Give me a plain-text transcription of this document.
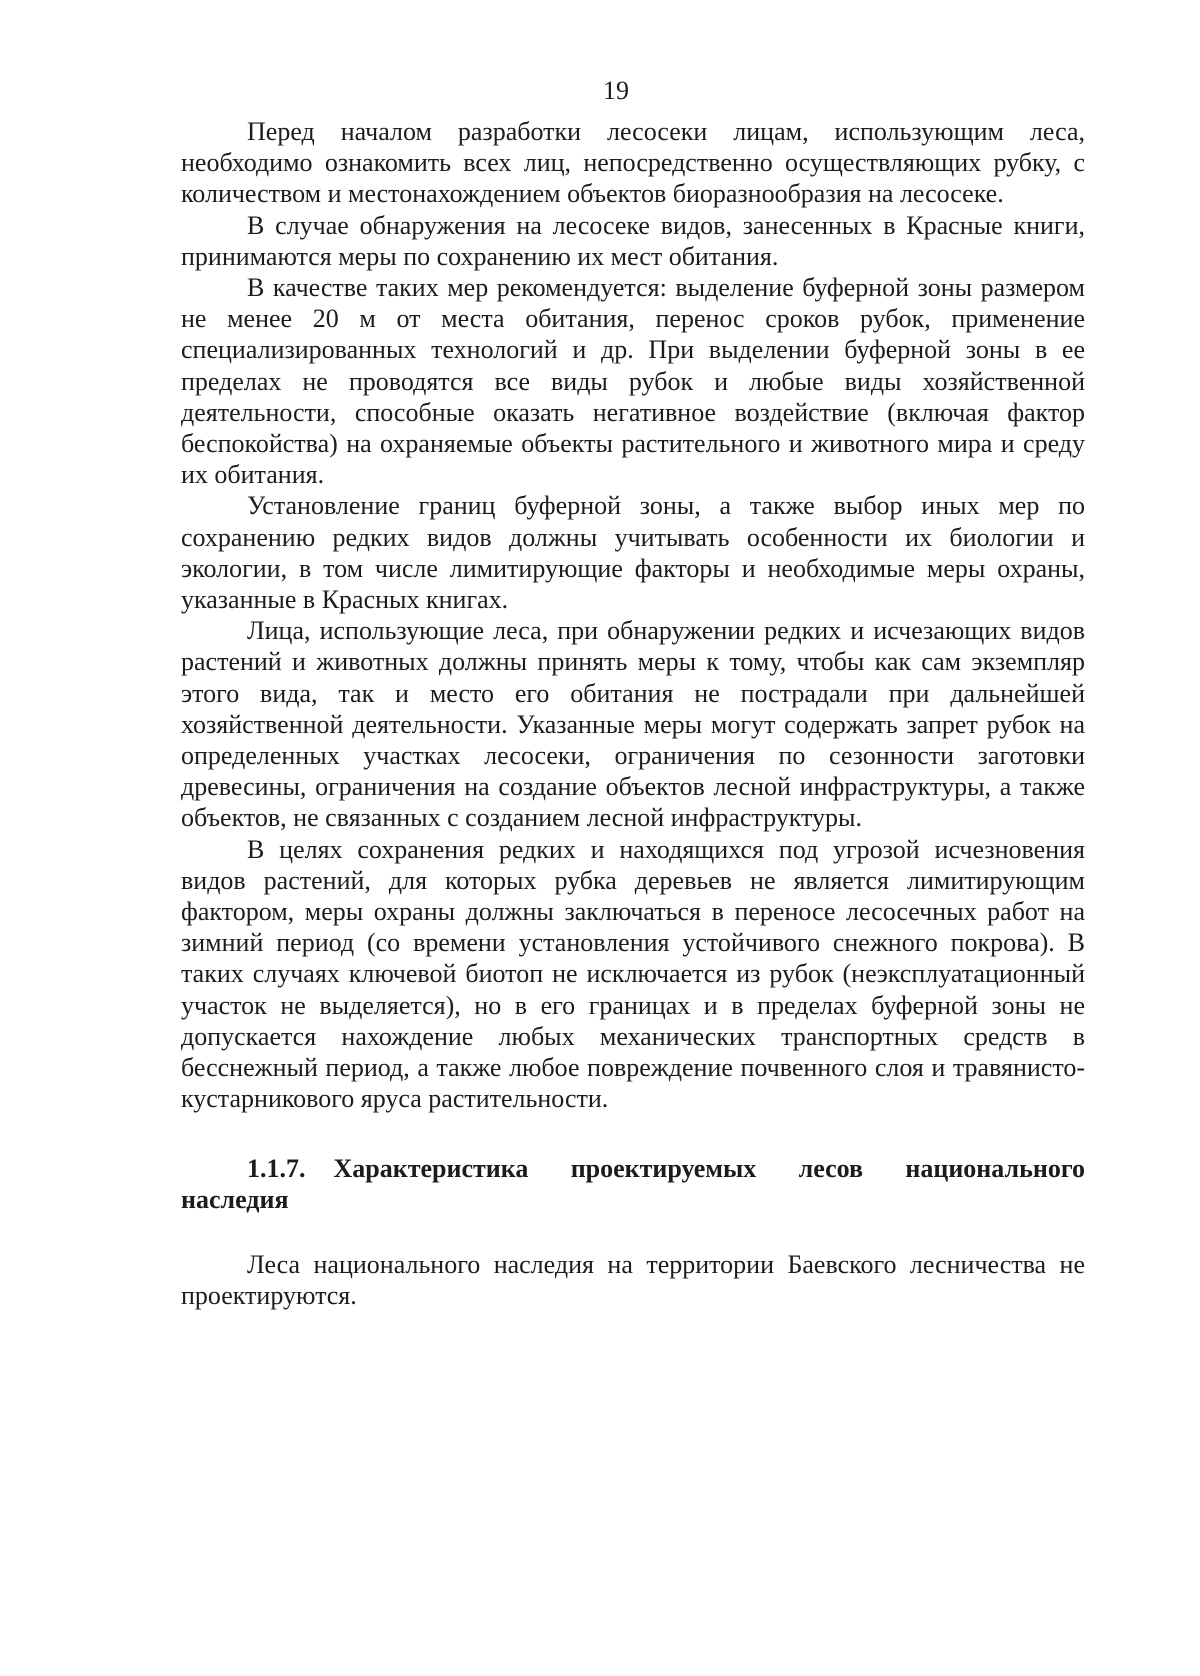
19

Перед началом разработки лесосеки лицам, использующим леса, необходимо ознакомить всех лиц, непосредственно осуществляющих рубку, с количеством и местонахождением объектов биоразнообразия на лесосеке.

В случае обнаружения на лесосеке видов, занесенных в Красные книги, принимаются меры по сохранению их мест обитания.

В качестве таких мер рекомендуется: выделение буферной зоны размером не менее 20 м от места обитания, перенос сроков рубок, применение специализированных технологий и др. При выделении буферной зоны в ее пределах не проводятся все виды рубок и любые виды хозяйственной деятельности, способные оказать негативное воздействие (включая фактор беспокойства) на охраняемые объекты растительного и животного мира и среду их обитания.

Установление границ буферной зоны, а также выбор иных мер по сохранению редких видов должны учитывать особенности их биологии и экологии, в том числе лимитирующие факторы и необходимые меры охраны, указанные в Красных книгах.

Лица, использующие леса, при обнаружении редких и исчезающих видов растений и животных должны принять меры к тому, чтобы как сам экземпляр этого вида, так и место его обитания не пострадали при дальнейшей хозяйственной деятельности. Указанные меры могут содержать запрет рубок на определенных участках лесосеки, ограничения по сезонности заготовки древесины, ограничения на создание объектов лесной инфраструктуры, а также объектов, не связанных с созданием лесной инфраструктуры.

В целях сохранения редких и находящихся под угрозой исчезновения видов растений, для которых рубка деревьев не является лимитирующим фактором, меры охраны должны заключаться в переносе лесосечных работ на зимний период (со времени установления устойчивого снежного покрова). В таких случаях ключевой биотоп не исключается из рубок (неэксплуатационный участок не выделяется), но в его границах и в пределах буферной зоны не допускается нахождение любых механических транспортных средств в бесснежный период, а также любое повреждение почвенного слоя и травянисто-кустарникового яруса растительности.

1.1.7. Характеристика проектируемых лесов национального наследия

Леса национального наследия на территории Баевского лесничества не проектируются.
